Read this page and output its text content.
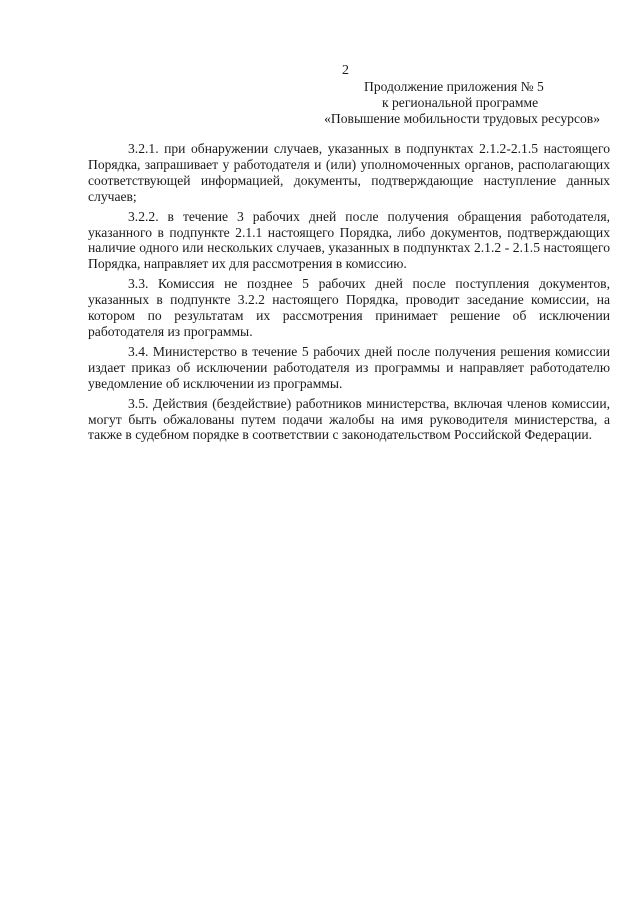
2
Продолжение приложения № 5
к региональной программе
«Повышение мобильности трудовых ресурсов»

3.2.1. при обнаружении случаев, указанных в подпунктах 2.1.2-2.1.5 настоящего Порядка, запрашивает у работодателя и (или) уполномоченных органов, располагающих соответствующей информацией, документы, подтверждающие наступление данных случаев;

3.2.2. в течение 3 рабочих дней после получения обращения работодателя, указанного в подпункте 2.1.1 настоящего Порядка, либо документов, подтверждающих наличие одного или нескольких случаев, указанных в подпунктах 2.1.2 - 2.1.5 настоящего Порядка, направляет их для рассмотрения в комиссию.

3.3. Комиссия не позднее 5 рабочих дней после поступления документов, указанных в подпункте 3.2.2 настоящего Порядка, проводит заседание комиссии, на котором по результатам их рассмотрения принимает решение об исключении работодателя из программы.

3.4. Министерство в течение 5 рабочих дней после получения решения комиссии издает приказ об исключении работодателя из программы и направляет работодателю уведомление об исключении из программы.

3.5. Действия (бездействие) работников министерства, включая членов комиссии, могут быть обжалованы путем подачи жалобы на имя руководителя министерства, а также в судебном порядке в соответствии с законодательством Российской Федерации.
